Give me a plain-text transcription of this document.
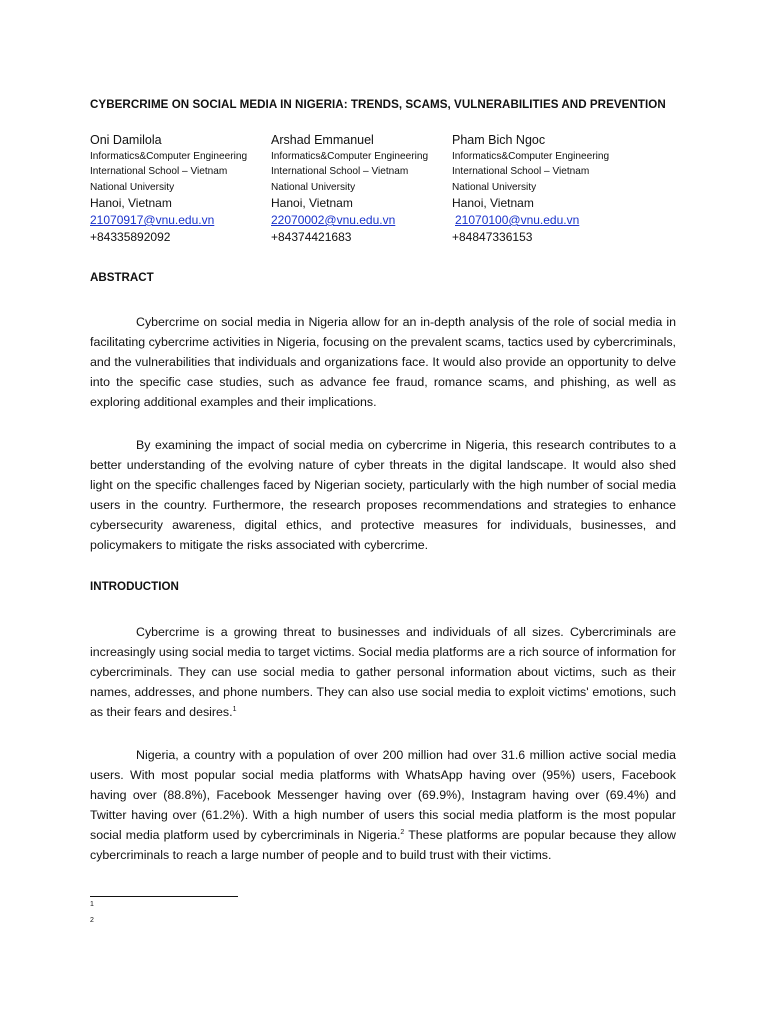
CYBERCRIME ON SOCIAL MEDIA IN NIGERIA: TRENDS, SCAMS, VULNERABILITIES AND PREVENTION
Oni Damilola
Informatics&Computer Engineering
International School – Vietnam
National University
Hanoi, Vietnam
21070917@vnu.edu.vn
+84335892092
Arshad Emmanuel
Informatics&Computer Engineering
International School – Vietnam
National University
Hanoi, Vietnam
22070002@vnu.edu.vn
+84374421683
Pham Bich Ngoc
Informatics&Computer Engineering
International School – Vietnam
National University
Hanoi, Vietnam
21070100@vnu.edu.vn
+84847336153
ABSTRACT

Cybercrime on social media in Nigeria allow for an in-depth analysis of the role of social media in facilitating cybercrime activities in Nigeria, focusing on the prevalent scams, tactics used by cybercriminals, and the vulnerabilities that individuals and organizations face. It would also provide an opportunity to delve into the specific case studies, such as advance fee fraud, romance scams, and phishing, as well as exploring additional examples and their implications.

By examining the impact of social media on cybercrime in Nigeria, this research contributes to a better understanding of the evolving nature of cyber threats in the digital landscape. It would also shed light on the specific challenges faced by Nigerian society, particularly with the high number of social media users in the country. Furthermore, the research proposes recommendations and strategies to enhance cybersecurity awareness, digital ethics, and protective measures for individuals, businesses, and policymakers to mitigate the risks associated with cybercrime.

INTRODUCTION

Cybercrime is a growing threat to businesses and individuals of all sizes. Cybercriminals are increasingly using social media to target victims. Social media platforms are a rich source of information for cybercriminals. They can use social media to gather personal information about victims, such as their names, addresses, and phone numbers. They can also use social media to exploit victims' emotions, such as their fears and desires.$^1$

Nigeria, a country with a population of over 200 million had over 31.6 million active social media users. With most popular social media platforms with WhatsApp having over (95%) users, Facebook having over (88.8%), Facebook Messenger having over (69.9%), Instagram having over (69.4%) and Twitter having over (61.2%). With a high number of users this social media platform is the most popular social media platform used by cybercriminals in Nigeria.$^2$ These platforms are popular because they allow cybercriminals to reach a large number of people and to build trust with their victims.

1
2
